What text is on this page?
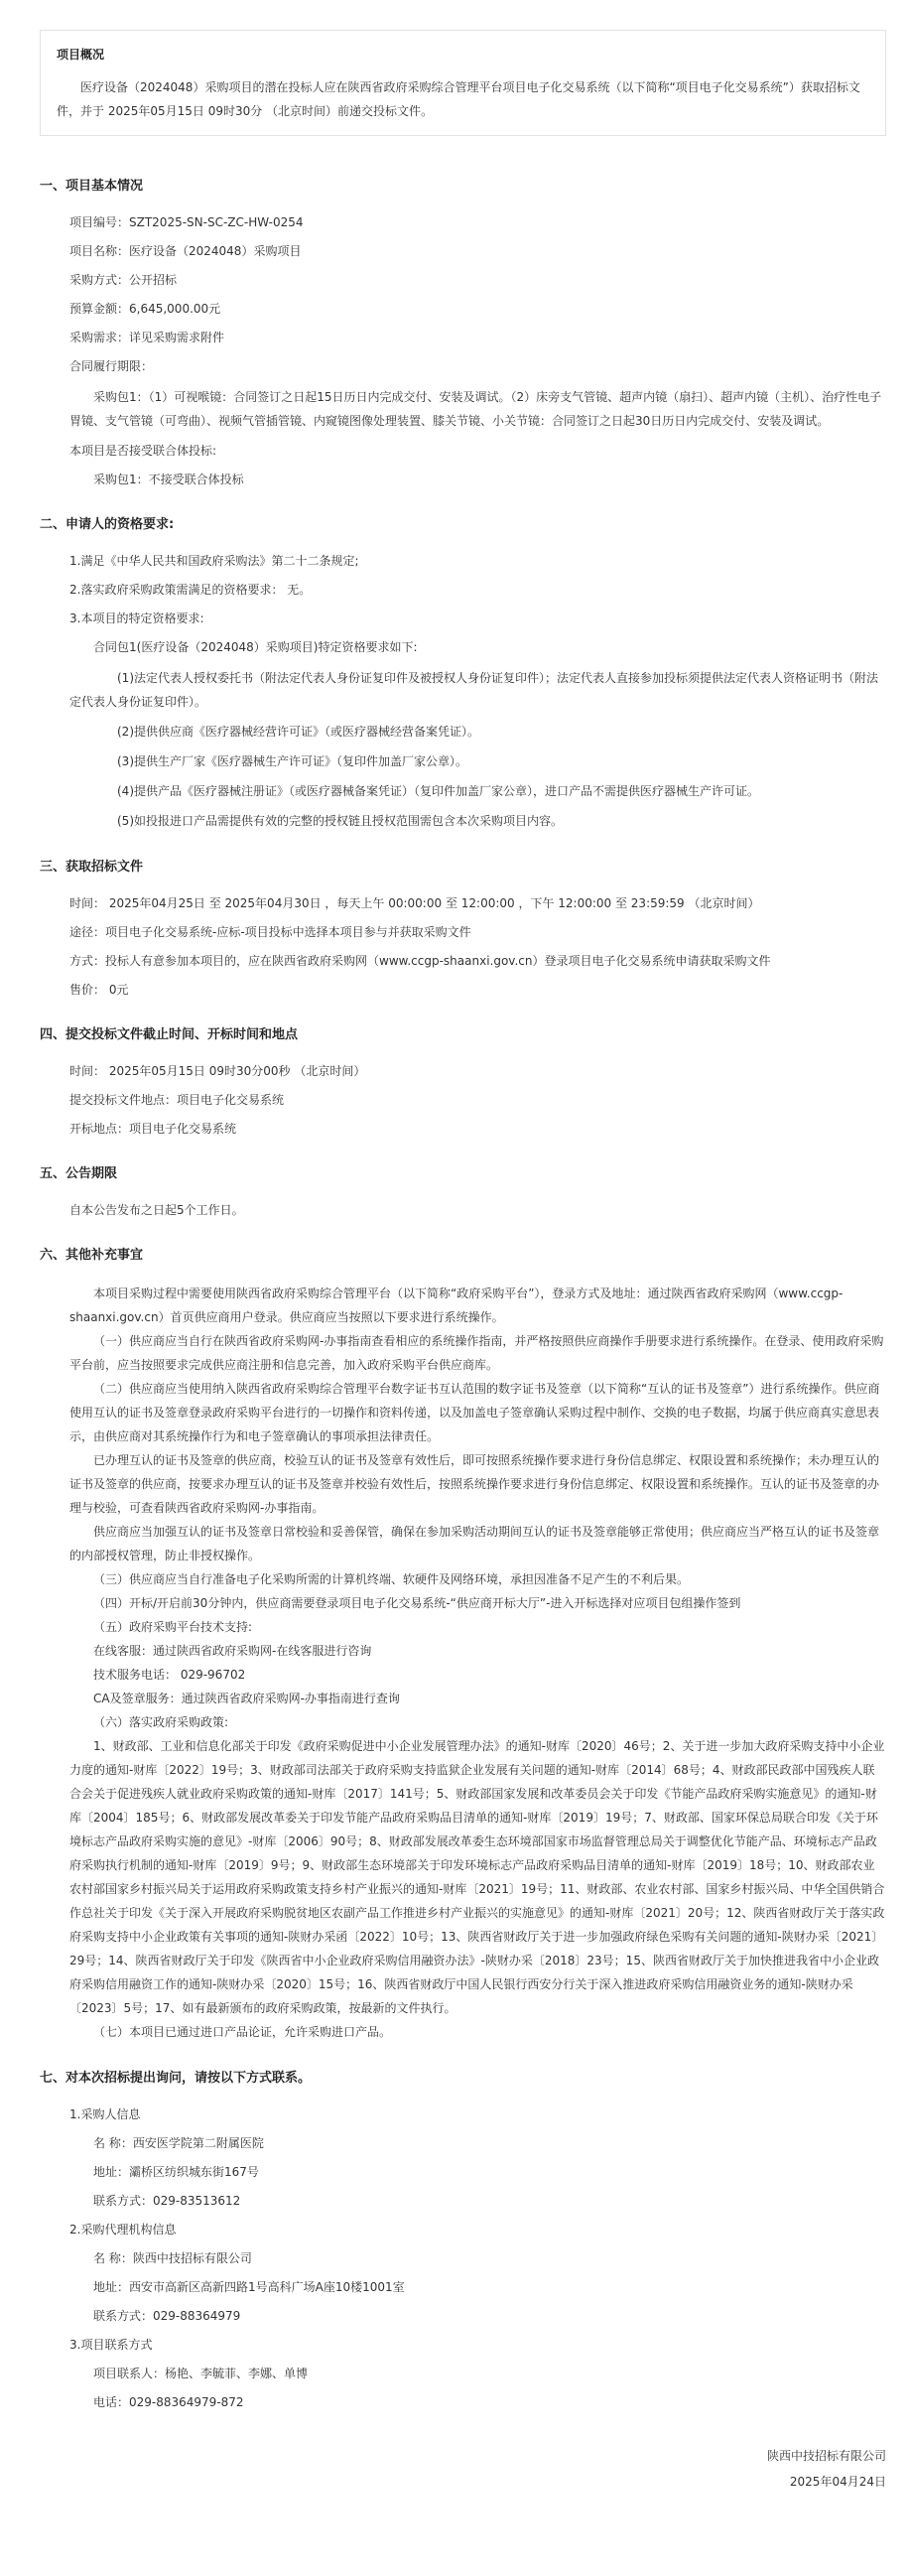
项目概况
医疗设备（2024048）采购项目的潜在投标人应在陕西省政府采购综合管理平台项目电子化交易系统（以下简称“项目电子化交易系统”）获取招标文件，并于 2025年05月15日 09时30分 （北京时间）前递交投标文件。
一、项目基本情况
项目编号：SZT2025-SN-SC-ZC-HW-0254
项目名称：医疗设备（2024048）采购项目
采购方式：公开招标
预算金额：6,645,000.00元
采购需求：详见采购需求附件
合同履行期限：
采购包1：（1）可视喉镜：合同签订之日起15日历日内完成交付、安装及调试。（2）床旁支气管镜、超声内镜（扇扫）、超声内镜（主机）、治疗性电子胃镜、支气管镜（可弯曲）、视频气管插管镜、内窥镜图像处理装置、膝关节镜、小关节镜：合同签订之日起30日历日内完成交付、安装及调试。
本项目是否接受联合体投标:
采购包1：不接受联合体投标
二、申请人的资格要求:
1.满足《中华人民共和国政府采购法》第二十二条规定;
2.落实政府采购政策需满足的资格要求： 无。
3.本项目的特定资格要求:
合同包1(医疗设备（2024048）采购项目)特定资格要求如下:
(1)法定代表人授权委托书（附法定代表人身份证复印件及被授权人身份证复印件）；法定代表人直接参加投标须提供法定代表人资格证明书（附法定代表人身份证复印件）。
(2)提供供应商《医疗器械经营许可证》（或医疗器械经营备案凭证）。
(3)提供生产厂家《医疗器械生产许可证》（复印件加盖厂家公章）。
(4)提供产品《医疗器械注册证》（或医疗器械备案凭证）（复印件加盖厂家公章），进口产品不需提供医疗器械生产许可证。
(5)如投报进口产品需提供有效的完整的授权链且授权范围需包含本次采购项目内容。
三、获取招标文件
时间： 2025年04月25日 至 2025年04月30日 ，每天上午 00:00:00 至 12:00:00 ，下午 12:00:00 至 23:59:59 （北京时间）
途径：项目电子化交易系统-应标-项目投标中选择本项目参与并获取采购文件
方式：投标人有意参加本项目的，应在陕西省政府采购网（www.ccgp-shaanxi.gov.cn）登录项目电子化交易系统申请获取采购文件
售价： 0元
四、提交投标文件截止时间、开标时间和地点
时间： 2025年05月15日 09时30分00秒 （北京时间）
提交投标文件地点：项目电子化交易系统
开标地点：项目电子化交易系统
五、公告期限
自本公告发布之日起5个工作日。
六、其他补充事宜
本项目采购过程中需要使用陕西省政府采购综合管理平台（以下简称“政府采购平台”），登录方式及地址：通过陕西省政府采购网（www.ccgp-shaanxi.gov.cn）首页供应商用户登录。供应商应当按照以下要求进行系统操作。
（一）供应商应当自行在陕西省政府采购网-办事指南查看相应的系统操作指南，并严格按照供应商操作手册要求进行系统操作。在登录、使用政府采购平台前，应当按照要求完成供应商注册和信息完善，加入政府采购平台供应商库。
（二）供应商应当使用纳入陕西省政府采购综合管理平台数字证书互认范围的数字证书及签章（以下简称“互认的证书及签章”）进行系统操作。供应商使用互认的证书及签章登录政府采购平台进行的一切操作和资料传递，以及加盖电子签章确认采购过程中制作、交换的电子数据，均属于供应商真实意思表示，由供应商对其系统操作行为和电子签章确认的事项承担法律责任。
已办理互认的证书及签章的供应商，校验互认的证书及签章有效性后，即可按照系统操作要求进行身份信息绑定、权限设置和系统操作；未办理互认的证书及签章的供应商，按要求办理互认的证书及签章并校验有效性后，按照系统操作要求进行身份信息绑定、权限设置和系统操作。互认的证书及签章的办理与校验，可查看陕西省政府采购网-办事指南。
供应商应当加强互认的证书及签章日常校验和妥善保管，确保在参加采购活动期间互认的证书及签章能够正常使用；供应商应当严格互认的证书及签章的内部授权管理，防止非授权操作。
（三）供应商应当自行准备电子化采购所需的计算机终端、软硬件及网络环境，承担因准备不足产生的不利后果。
（四）开标/开启前30分钟内，供应商需要登录项目电子化交易系统-“供应商开标大厅”-进入开标选择对应项目包组操作签到
（五）政府采购平台技术支持:
在线客服：通过陕西省政府采购网-在线客服进行咨询
技术服务电话： 029-96702
CA及签章服务：通过陕西省政府采购网-办事指南进行查询
（六）落实政府采购政策:
1、财政部、工业和信息化部关于印发《政府采购促进中小企业发展管理办法》的通知-财库〔2020〕46号；2、关于进一步加大政府采购支持中小企业力度的通知-财库〔2022〕19号；3、财政部司法部关于政府采购支持监狱企业发展有关问题的通知-财库〔2014〕68号；4、财政部民政部中国残疾人联合会关于促进残疾人就业政府采购政策的通知-财库〔2017〕141号；5、财政部国家发展和改革委员会关于印发《节能产品政府采购实施意见》的通知-财库〔2004〕185号；6、财政部发展改革委关于印发节能产品政府采购品目清单的通知-财库〔2019〕19号；7、财政部、国家环保总局联合印发《关于环境标志产品政府采购实施的意见》-财库〔2006〕90号；8、财政部发展改革委生态环境部国家市场监督管理总局关于调整优化节能产品、环境标志产品政府采购执行机制的通知-财库〔2019〕9号；9、财政部生态环境部关于印发环境标志产品政府采购品目清单的通知-财库〔2019〕18号；10、财政部农业农村部国家乡村振兴局关于运用政府采购政策支持乡村产业振兴的通知-财库〔2021〕19号；11、财政部、农业农村部、国家乡村振兴局、中华全国供销合作总社关于印发《关于深入开展政府采购脱贫地区农副产品工作推进乡村产业振兴的实施意见》的通知-财库〔2021〕20号；12、陕西省财政厅关于落实政府采购支持中小企业政策有关事项的通知-陕财办采函〔2022〕10号；13、陕西省财政厅关于进一步加强政府绿色采购有关问题的通知-陕财办采〔2021〕29号；14、陕西省财政厅关于印发《陕西省中小企业政府采购信用融资办法》-陕财办采〔2018〕23号；15、陕西省财政厅关于加快推进我省中小企业政府采购信用融资工作的通知-陕财办采〔2020〕15号；16、陕西省财政厅中国人民银行西安分行关于深入推进政府采购信用融资业务的通知-陕财办采〔2023〕5号；17、如有最新颁布的政府采购政策，按最新的文件执行。
（七）本项目已通过进口产品论证，允许采购进口产品。
七、对本次招标提出询问，请按以下方式联系。
1.采购人信息
名 称：西安医学院第二附属医院
地址：灞桥区纺织城东街167号
联系方式：029-83513612
2.采购代理机构信息
名 称：陕西中技招标有限公司
地址：西安市高新区高新四路1号高科广场A座10楼1001室
联系方式：029-88364979
3.项目联系方式
项目联系人：杨艳、李毓菲、李娜、单博
电话：029-88364979-872
陕西中技招标有限公司
2025年04月24日
